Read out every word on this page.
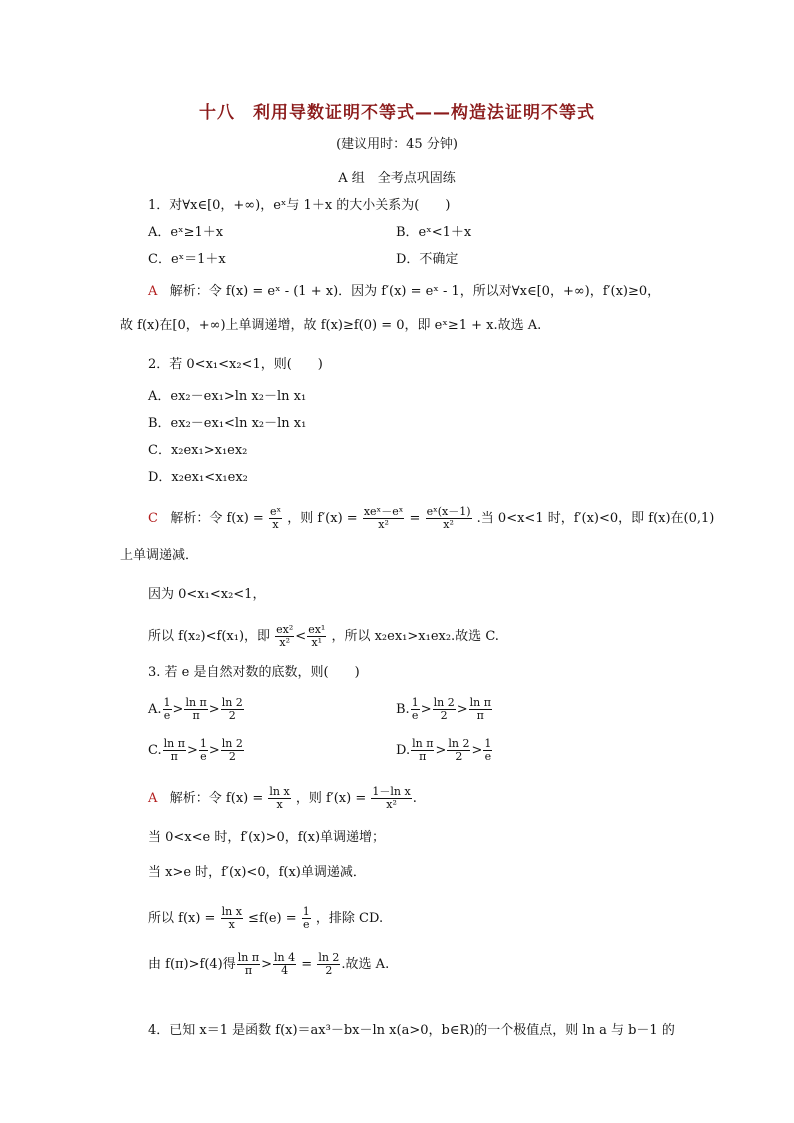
十八　利用导数证明不等式——构造法证明不等式
(建议用时：45 分钟)
A 组　全考点巩固练
1．对∀x∈[0，+∞)，eˣ与 1＋x 的大小关系为(　　)
A．eˣ≥1＋x	B．eˣ<1＋x
C．eˣ＝1＋x	D．不确定
A 解析：令 f(x) = eˣ - (1 + x)．因为 f′(x) = eˣ - 1，所以对∀x∈[0，+∞)，f′(x)≥0，
故 f(x)在[0，+∞)上单调递增，故 f(x)≥f(0) = 0，即 eˣ≥1 + x.故选 A.
2．若 0<x₁<x₂<1，则(　　)
A．ex₂－ex₁>ln x₂－ln x₁
B．ex₂－ex₁<ln x₂－ln x₁
C．x₂ex₁>x₁ex₂
D．x₂ex₁<x₁ex₂
C 解析：令 $f(x) = \frac{\text{eˣ}}{x}$ ，则 $f'(x) = \frac{\text{xeˣ－eˣ}}{\text{x²}} = \frac{\text{eˣ(x－1)}}{\text{x²}}$ .当 0<x<1 时，f′(x)<0，即 f(x)在(0,1)
上单调递减．
因为 0<x₁<x₂<1，
所以 f(x₂)<f(x₁)，即 $\frac{\text{ex²}}{\text{x²}} < \frac{\text{ex¹}}{\text{x¹}}$ ，所以 x₂ex₁>x₁ex₂.故选 C.
3. 若 e 是自然对数的底数，则(　　)
A. $\frac{1}{e} > \frac{\text{ln π}}{\pi} > \frac{\ln 2}{2}$	B. $\frac{1}{e} > \frac{\ln 2}{2} > \frac{\text{ln π}}{\pi}$
C. $\frac{\text{ln π}}{\pi} > \frac{1}{e} > \frac{\ln 2}{2}$	D. $\frac{\text{ln π}}{\pi} > \frac{\ln 2}{2} > \frac{1}{e}$
A 解析：令 $f(x) = \frac{\text{ln x}}{x}$ ，则 $f'(x) = \frac{\text{1－ln x}}{\text{x²}}$ .
当 0<x<e 时，f′(x)>0，f(x)单调递增；
当 x>e 时，f′(x)<0，f(x)单调递减．
所以 $f(x) = \frac{\text{ln x}}{x} \le f(e) = \frac{1}{e}$ ，排除 CD.
由 f(π)>f(4)得 $\frac{\text{ln π}}{\pi} > \frac{\ln 4}{4} = \frac{\ln 2}{2}$ .故选 A.
4．已知 x＝1 是函数 f(x)＝ax³－bx－ln x(a>0，b∈R)的一个极值点，则 ln a 与 b－1 的
